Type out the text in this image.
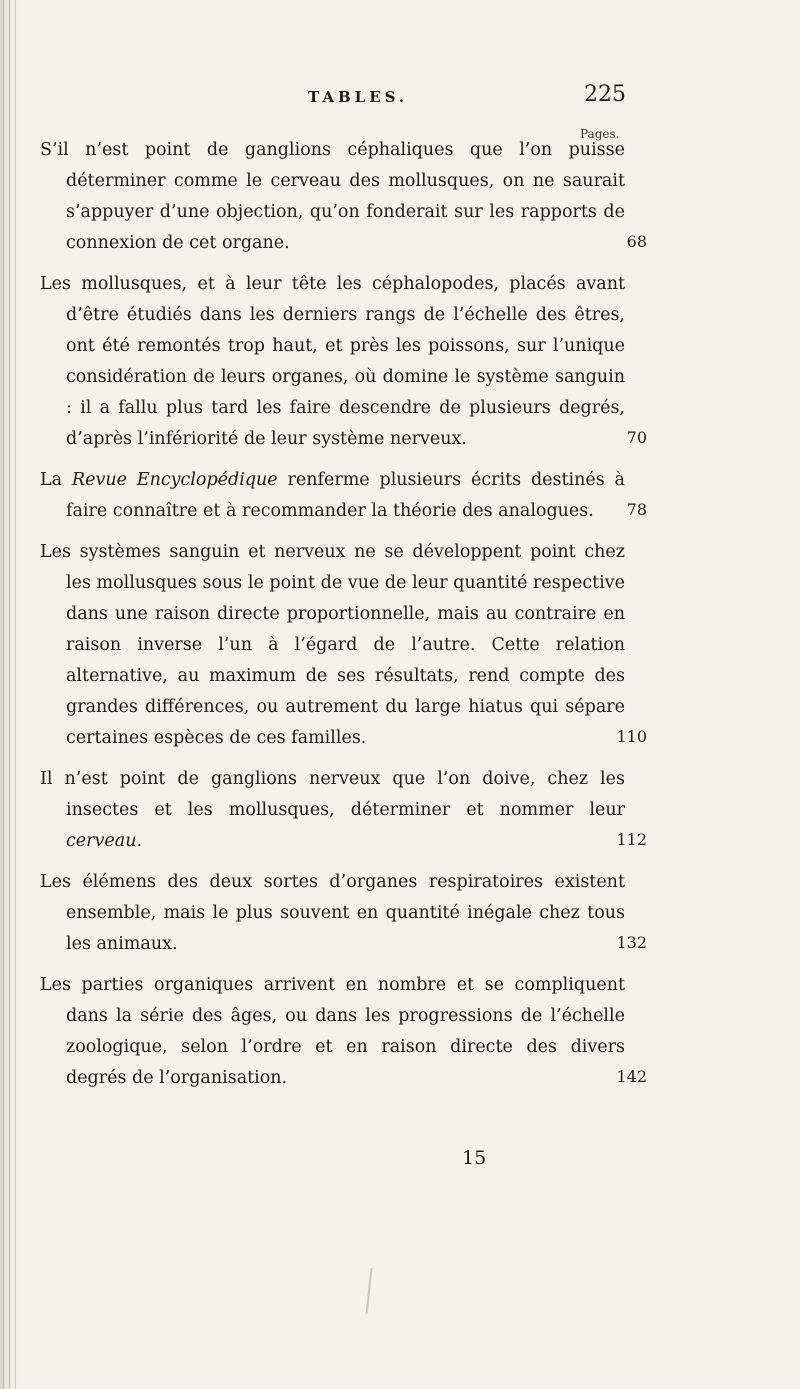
TABLES.	225
Pages.

S’il n’est point de ganglions céphaliques que l’on puisse déterminer comme le cerveau des mollusques, on ne saurait s’appuyer d’une objection, qu’on fonderait sur les rapports de connexion de cet organe.	68

Les mollusques, et à leur tête les céphalopodes, placés avant d’être étudiés dans les derniers rangs de l’échelle des êtres, ont été remontés trop haut, et près les poissons, sur l’unique considération de leurs organes, où domine le système sanguin : il a fallu plus tard les faire descendre de plusieurs degrés, d’après l’infériorité de leur système nerveux.	70

La Revue Encyclopédique renferme plusieurs écrits destinés à faire connaître et à recommander la théorie des analogues.	78

Les systèmes sanguin et nerveux ne se développent point chez les mollusques sous le point de vue de leur quantité respective dans une raison directe proportionnelle, mais au contraire en raison inverse l’un à l’égard de l’autre. Cette relation alternative, au maximum de ses résultats, rend compte des grandes différences, ou autrement du large hiatus qui sépare certaines espèces de ces familles.	110

Il n’est point de ganglions nerveux que l’on doive, chez les insectes et les mollusques, déterminer et nommer leur cerveau.	112

Les élémens des deux sortes d’organes respiratoires existent ensemble, mais le plus souvent en quantité inégale chez tous les animaux.	132

Les parties organiques arrivent en nombre et se compliquent dans la série des âges, ou dans les progressions de l’échelle zoologique, selon l’ordre et en raison directe des divers degrés de l’organisation.	142
15
